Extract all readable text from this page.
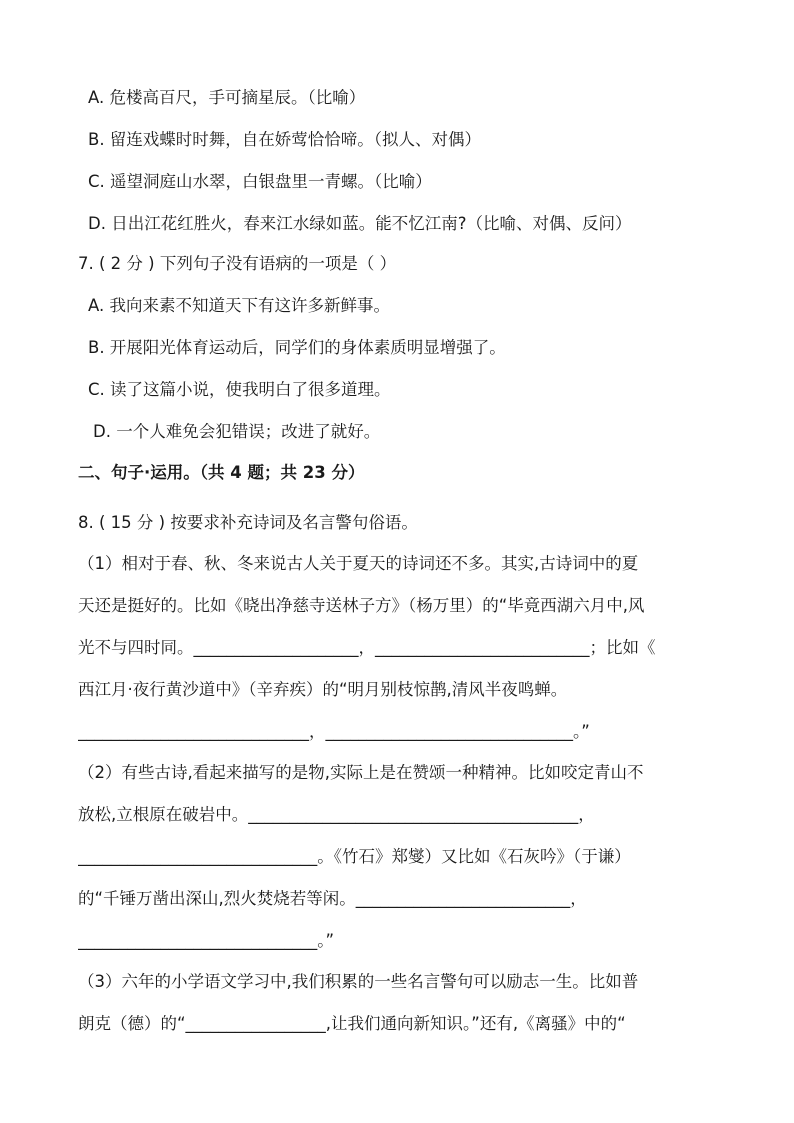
A. 危楼高百尺，手可摘星辰。（比喻）
B. 留连戏蝶时时舞，自在娇莺恰恰啼。（拟人、对偶）
C. 遥望洞庭山水翠，白银盘里一青螺。（比喻）
D. 日出江花红胜火，春来江水绿如蓝。能不忆江南?（比喻、对偶、反问）
7. ( 2 分 ) 下列句子没有语病的一项是（ ）
A. 我向来素不知道天下有这许多新鲜事。
B. 开展阳光体育运动后，同学们的身体素质明显增强了。
C. 读了这篇小说，使我明白了很多道理。
D. 一个人难免会犯错误；改进了就好。
二、句子·运用。（共 4 题；共 23 分）
8. ( 15 分 ) 按要求补充诗词及名言警句俗语。
（1）相对于春、秋、冬来说古人关于夏天的诗词还不多。其实,古诗词中的夏
天还是挺好的。比如《晓出净慈寺送林子方》（杨万里）的“毕竟西湖六月中,风
光不与四时同。____________________，__________________________；比如《
西江月·夜行黄沙道中》（辛弃疾）的“明月别枝惊鹊,清风半夜鸣蝉。
____________________________，______________________________。”
（2）有些古诗,看起来描写的是物,实际上是在赞颂一种精神。比如咬定青山不
放松,立根原在破岩中。________________________________________，
_____________________________。《竹石》郑燮）又比如《石灰吟》（于谦）
的“千锤万凿出深山,烈火焚烧若等闲。__________________________，
_____________________________。”
（3）六年的小学语文学习中,我们积累的一些名言警句可以励志一生。比如普
朗克（德）的“_________________,让我们通向新知识。”还有,《离骚》中的“
